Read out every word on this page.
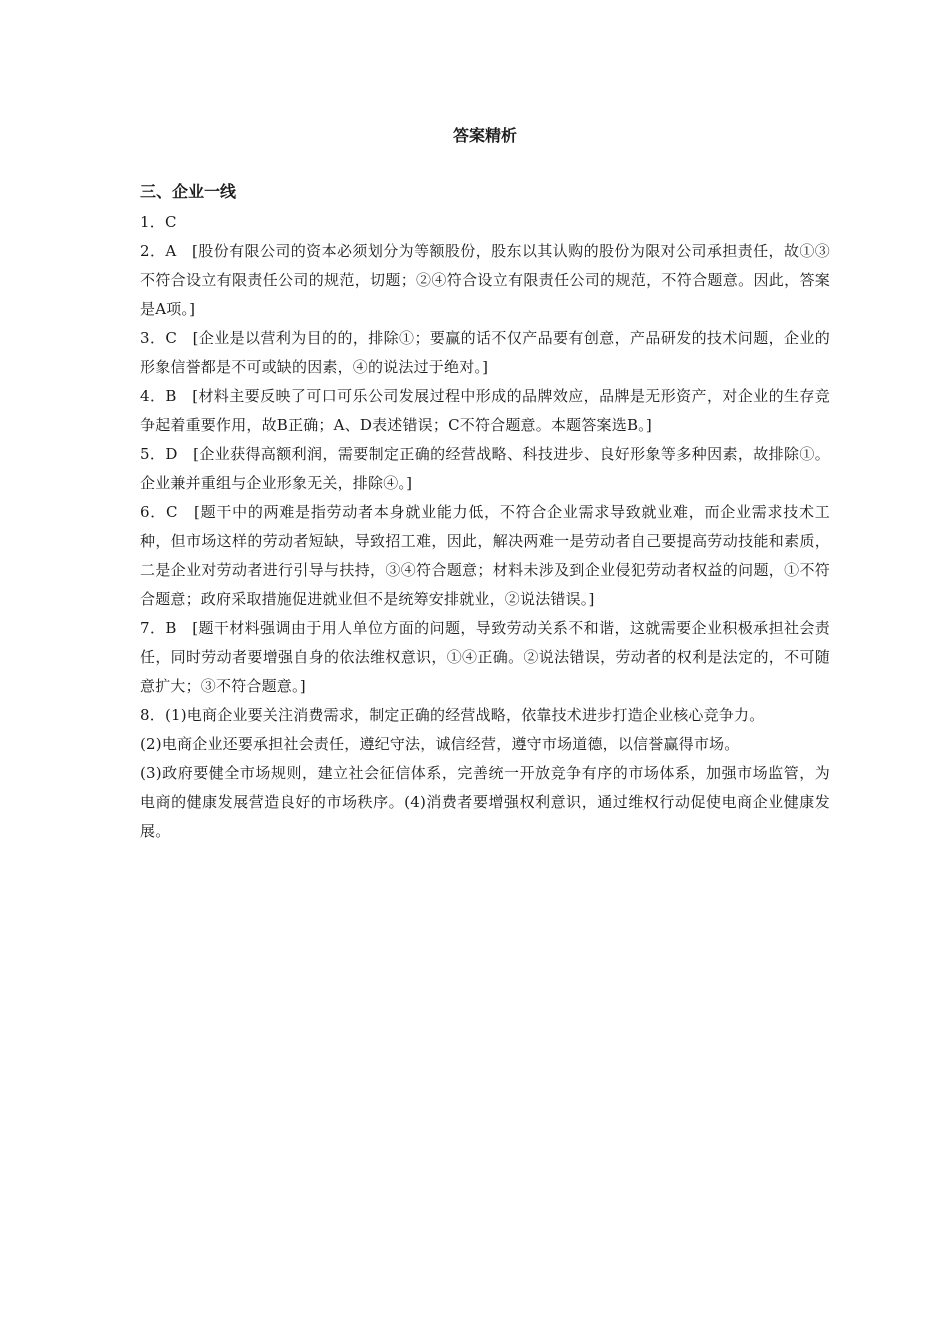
答案精析
三、企业一线

1．C

2．A　[股份有限公司的资本必须划分为等额股份，股东以其认购的股份为限对公司承担责任，故①③不符合设立有限责任公司的规范，切题；②④符合设立有限责任公司的规范，不符合题意。因此，答案是A项。]

3．C　[企业是以营利为目的的，排除①；要赢的话不仅产品要有创意，产品研发的技术问题，企业的形象信誉都是不可或缺的因素，④的说法过于绝对。]

4．B　[材料主要反映了可口可乐公司发展过程中形成的品牌效应，品牌是无形资产，对企业的生存竞争起着重要作用，故B正确；A、D表述错误；C不符合题意。本题答案选B。]

5．D　[企业获得高额利润，需要制定正确的经营战略、科技进步、良好形象等多种因素，故排除①。企业兼并重组与企业形象无关，排除④。]

6．C　[题干中的两难是指劳动者本身就业能力低，不符合企业需求导致就业难，而企业需求技术工种，但市场这样的劳动者短缺，导致招工难，因此，解决两难一是劳动者自己要提高劳动技能和素质，二是企业对劳动者进行引导与扶持，③④符合题意；材料未涉及到企业侵犯劳动者权益的问题，①不符合题意；政府采取措施促进就业但不是统筹安排就业，②说法错误。]

7．B　[题干材料强调由于用人单位方面的问题，导致劳动关系不和谐，这就需要企业积极承担社会责任，同时劳动者要增强自身的依法维权意识，①④正确。②说法错误，劳动者的权利是法定的，不可随意扩大；③不符合题意。]

8．(1)电商企业要关注消费需求，制定正确的经营战略，依靠技术进步打造企业核心竞争力。

(2)电商企业还要承担社会责任，遵纪守法，诚信经营，遵守市场道德，以信誉赢得市场。

(3)政府要健全市场规则，建立社会征信体系，完善统一开放竞争有序的市场体系，加强市场监管，为电商的健康发展营造良好的市场秩序。(4)消费者要增强权利意识，通过维权行动促使电商企业健康发展。
